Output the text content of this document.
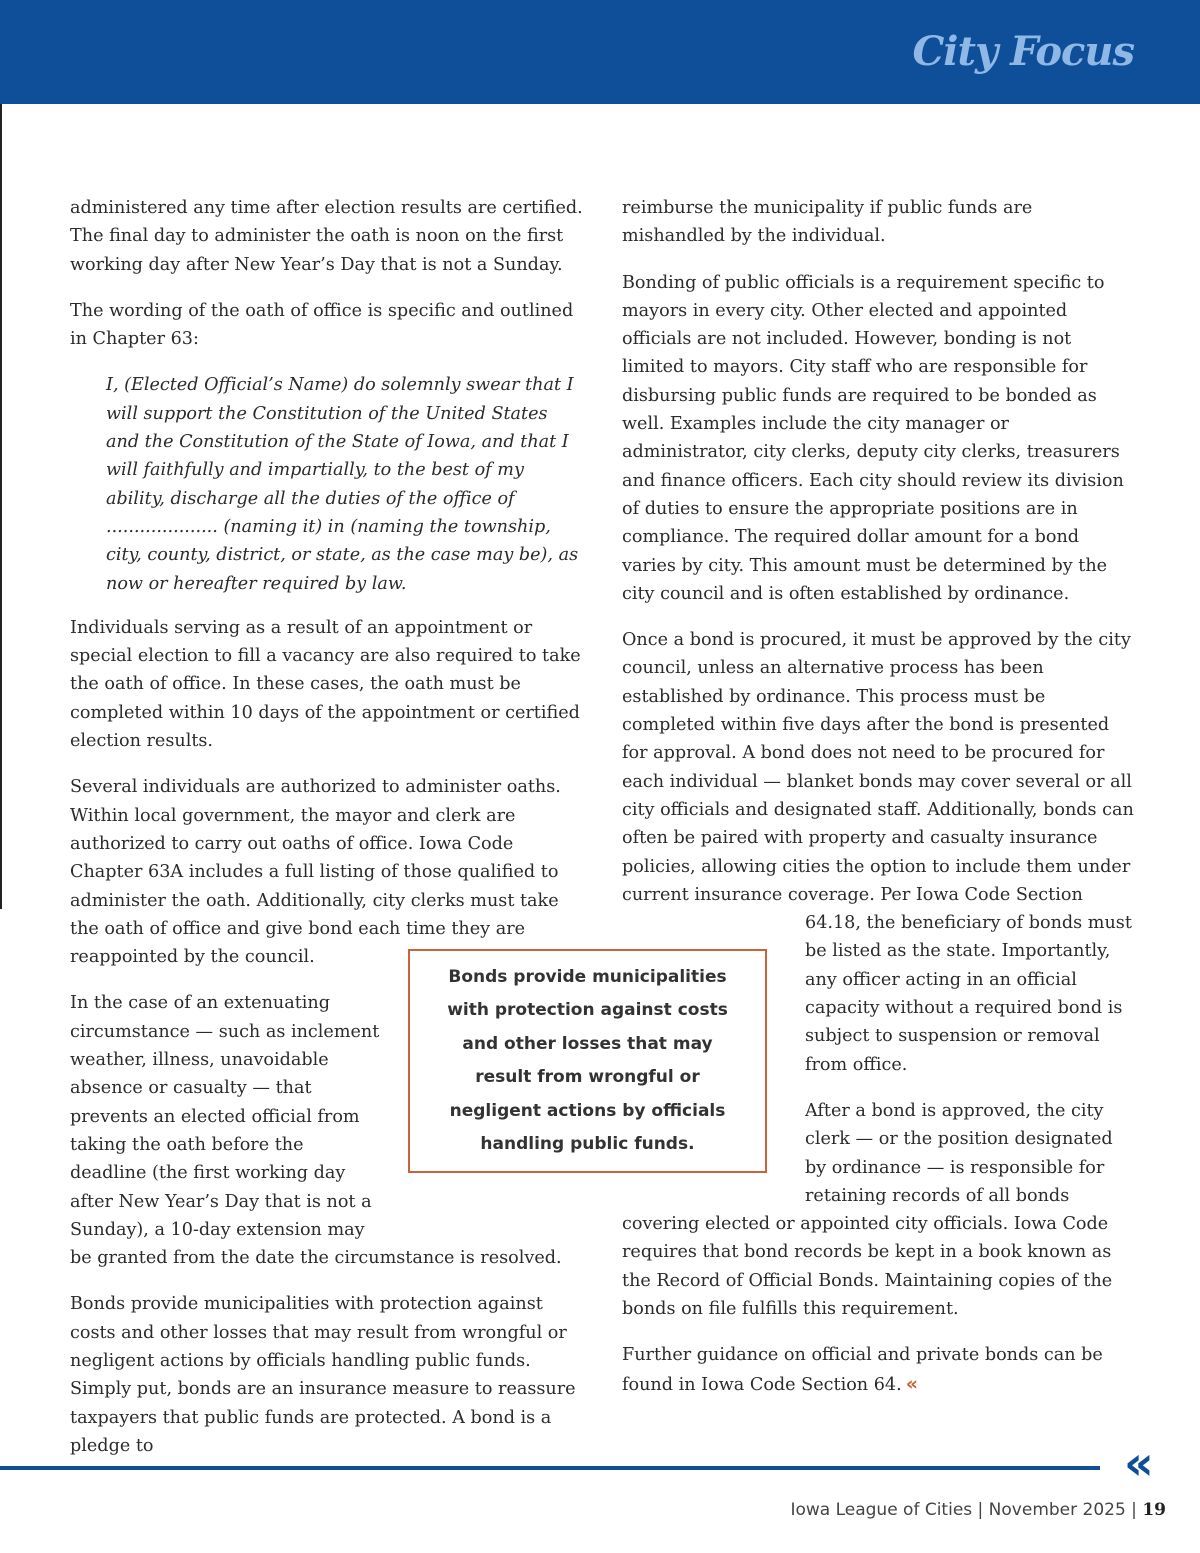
City Focus

administered any time after election results are certified. The final day to administer the oath is noon on the first working day after New Year’s Day that is not a Sunday.

The wording of the oath of office is specific and outlined in Chapter 63:

I, (Elected Official’s Name) do solemnly swear that I will support the Constitution of the United States and the Constitution of the State of Iowa, and that I will faithfully and impartially, to the best of my ability, discharge all the duties of the office of .................... (naming it) in (naming the township, city, county, district, or state, as the case may be), as now or hereafter required by law.

Individuals serving as a result of an appointment or special election to fill a vacancy are also required to take the oath of office. In these cases, the oath must be completed within 10 days of the appointment or certified election results.

Several individuals are authorized to administer oaths. Within local government, the mayor and clerk are authorized to carry out oaths of office. Iowa Code Chapter 63A includes a full listing of those qualified to administer the oath. Additionally, city clerks must take the oath of office and give bond each time they are reappointed by the council.

In the case of an extenuating circumstance — such as inclement weather, illness, unavoidable absence or casualty — that prevents an elected official from taking the oath before the deadline (the first working day after New Year’s Day that is not a Sunday), a 10-day extension may be granted from the date the circumstance is resolved.

Bonds provide municipalities with protection against costs and other losses that may result from wrongful or negligent actions by officials handling public funds. Simply put, bonds are an insurance measure to reassure taxpayers that public funds are protected. A bond is a pledge to

reimburse the municipality if public funds are mishandled by the individual.

Bonding of public officials is a requirement specific to mayors in every city. Other elected and appointed officials are not included. However, bonding is not limited to mayors. City staff who are responsible for disbursing public funds are required to be bonded as well. Examples include the city manager or administrator, city clerks, deputy city clerks, treasurers and finance officers. Each city should review its division of duties to ensure the appropriate positions are in compliance. The required dollar amount for a bond varies by city. This amount must be determined by the city council and is often established by ordinance.

Once a bond is procured, it must be approved by the city council, unless an alternative process has been established by ordinance. This process must be completed within five days after the bond is presented for approval. A bond does not need to be procured for each individual — blanket bonds may cover several or all city officials and designated staff. Additionally, bonds can often be paired with property and casualty insurance policies, allowing cities the option to include them under current insurance coverage. Per Iowa Code Section 64.18, the beneficiary of bonds must be listed as the state. Importantly, any officer acting in an official capacity without a required bond is subject to suspension or removal from office.

After a bond is approved, the city clerk — or the position designated by ordinance — is responsible for retaining records of all bonds covering elected or appointed city officials. Iowa Code requires that bond records be kept in a book known as the Record of Official Bonds. Maintaining copies of the bonds on file fulfills this requirement.

Further guidance on official and private bonds can be found in Iowa Code Section 64. «

Bonds provide municipalities with protection against costs and other losses that may result from wrongful or negligent actions by officials handling public funds.
«
Iowa League of Cities | November 2025 | 19
